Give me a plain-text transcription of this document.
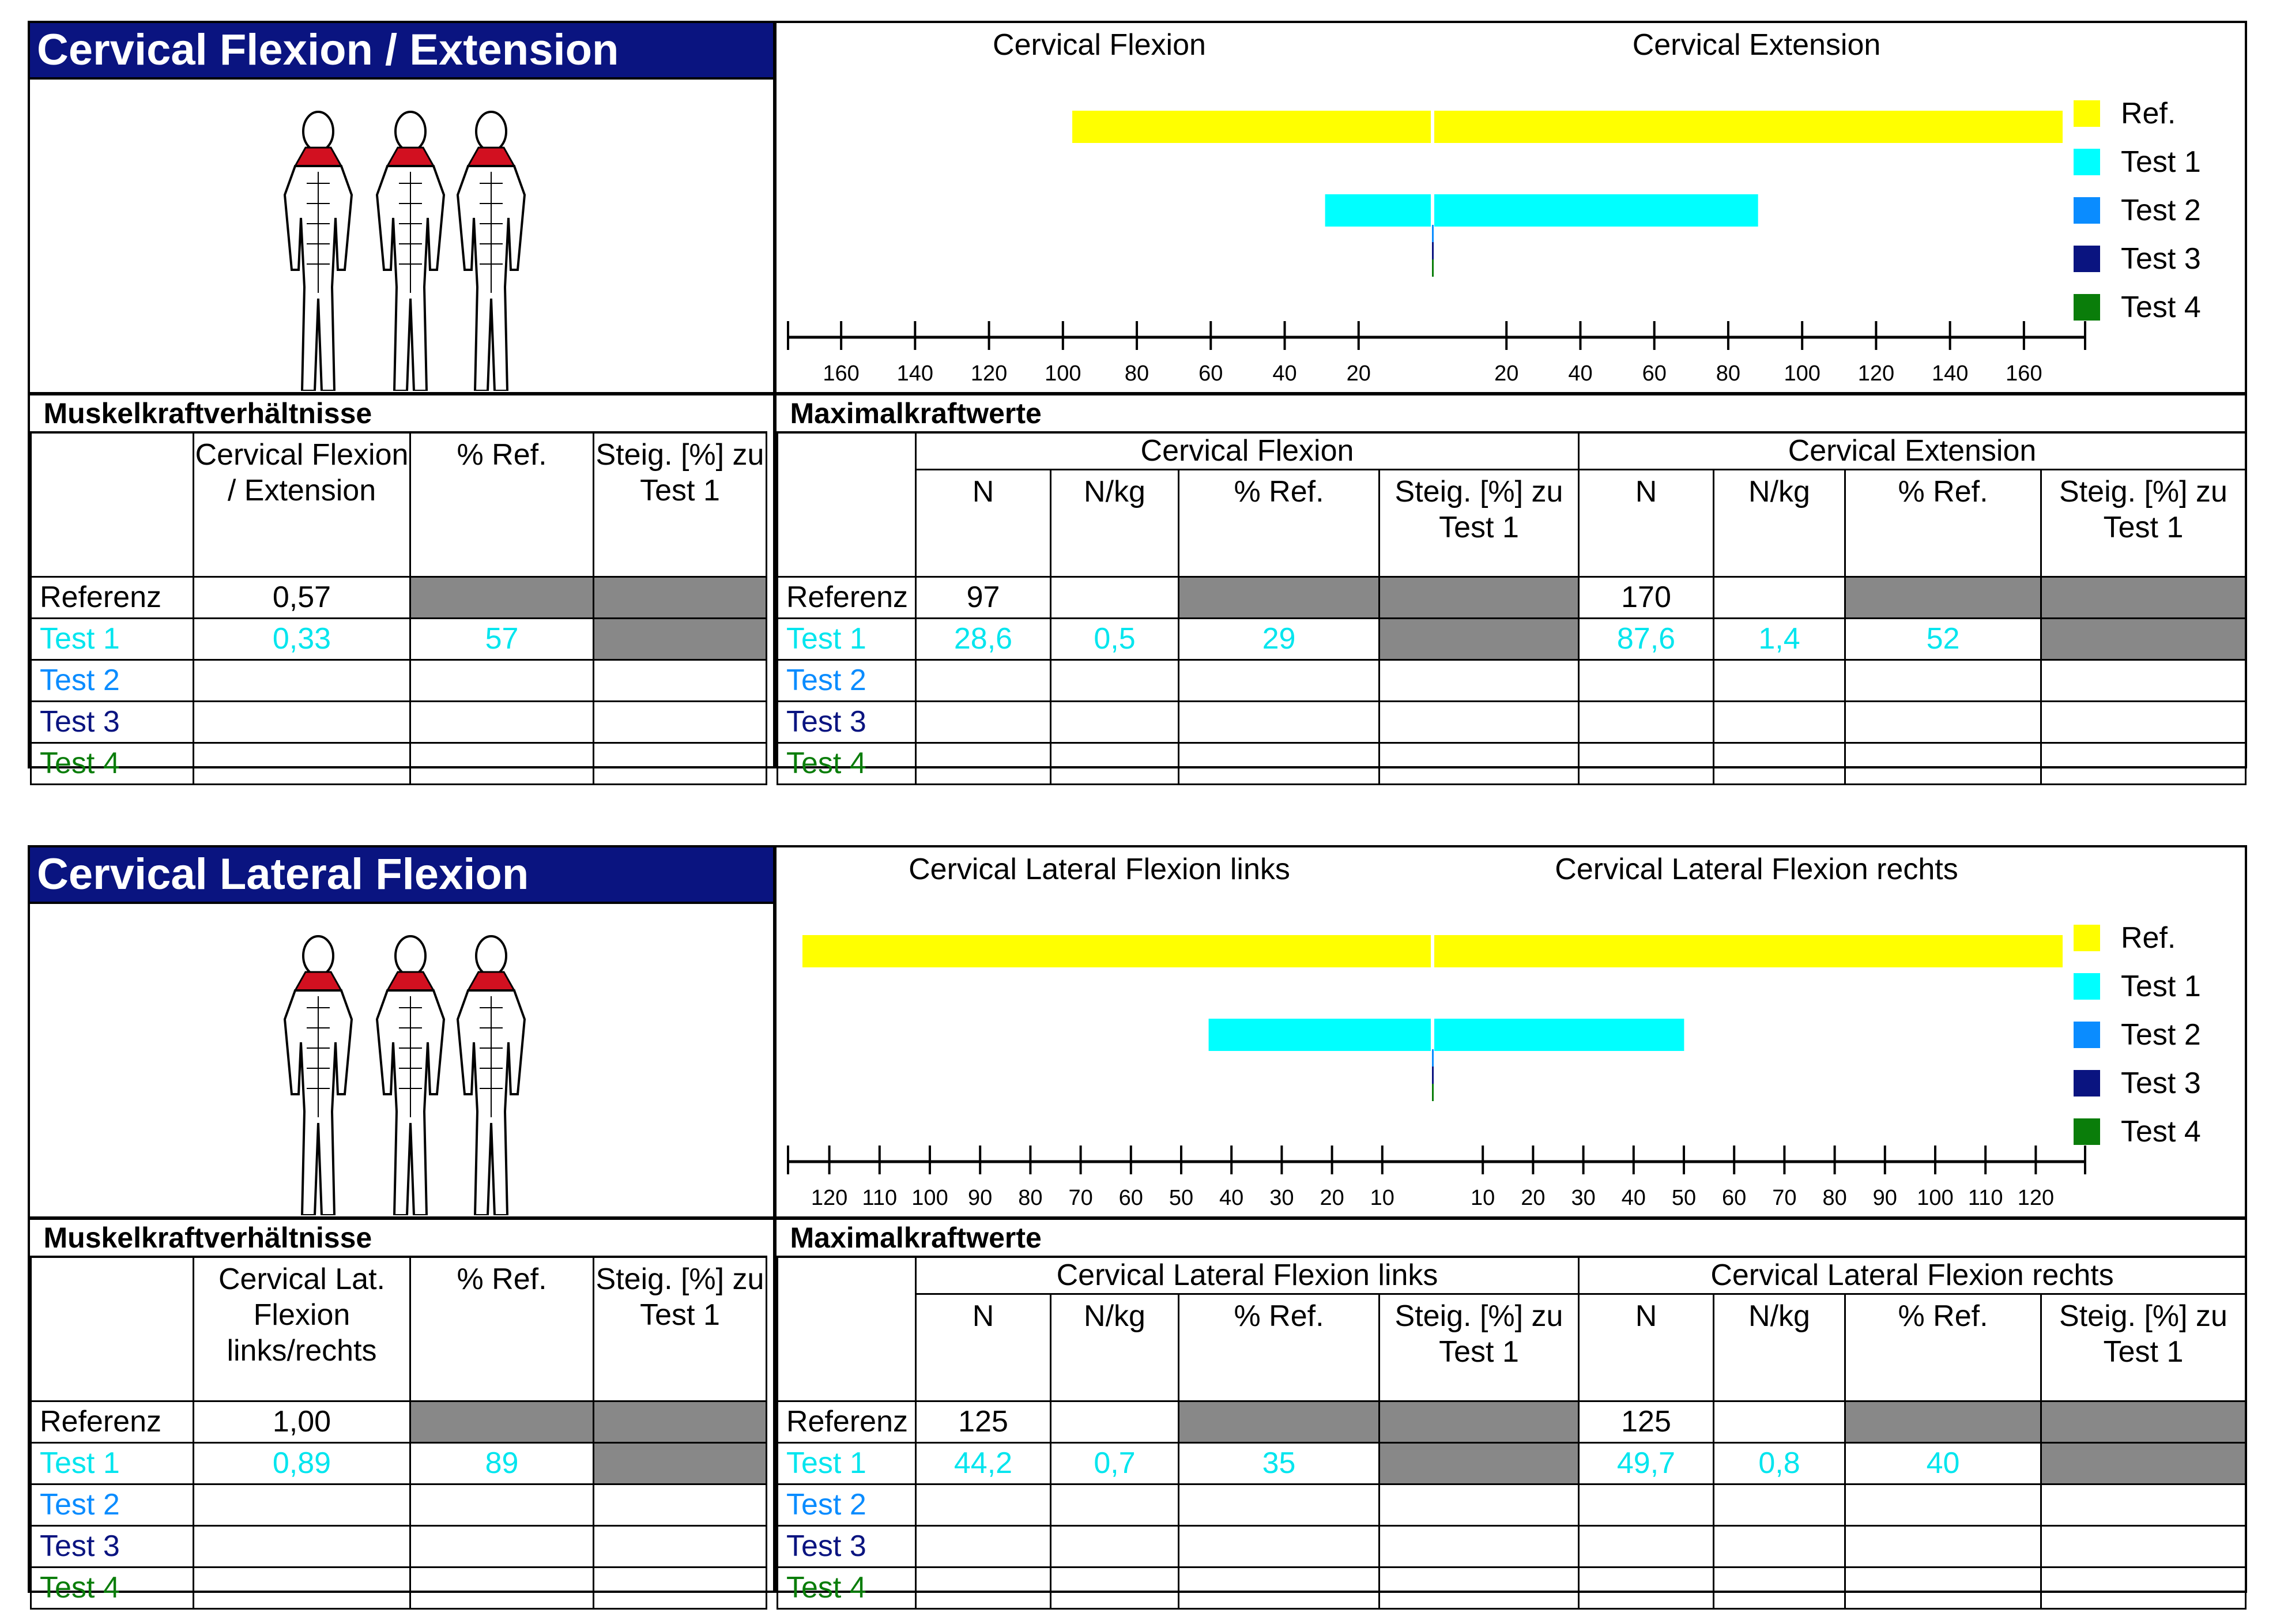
Cervical Flexion / Extension
160 140 120 100 80 60 40 20	20 40 60 80 100 120 140 160
Cervical Flexion	Cervical Extension
Ref.
Test 1
Test 2
Test 3
Test 4
Muskelkraftverhältnisse			
	Cervical Flexion / Extension	% Ref.	Steig. [%] zu Test 1
Referenz	0,57		
Test 1	0,33	57	
Test 2			
Test 3			
Test 4			
Maximalkraftwerte								
	Cervical Flexion				Cervical Extension			
	N	N/kg	% Ref.	Steig. [%] zu Test 1	N	N/kg	% Ref.	Steig. [%] zu Test 1
Referenz	97				170			
Test 1	28,6	0,5	29		87,6	1,4	52	
Test 2								
Test 3								
Test 4								
Cervical Lateral Flexion
120 110 100 90 80 70 60 50 40 30 20 10	10 20 30 40 50 60 70 80 90 100 110 120
Cervical Lateral Flexion links	Cervical Lateral Flexion rechts
Ref.
Test 1
Test 2
Test 3
Test 4
Muskelkraftverhältnisse			
	Cervical Lat. Flexion links/rechts	% Ref.	Steig. [%] zu Test 1
Referenz	1,00		
Test 1	0,89	89	
Test 2			
Test 3			
Test 4			
Maximalkraftwerte								
	Cervical Lateral Flexion links				Cervical Lateral Flexion rechts			
	N	N/kg	% Ref.	Steig. [%] zu Test 1	N	N/kg	% Ref.	Steig. [%] zu Test 1
Referenz	125				125			
Test 1	44,2	0,7	35		49,7	0,8	40	
Test 2								
Test 3								
Test 4								
